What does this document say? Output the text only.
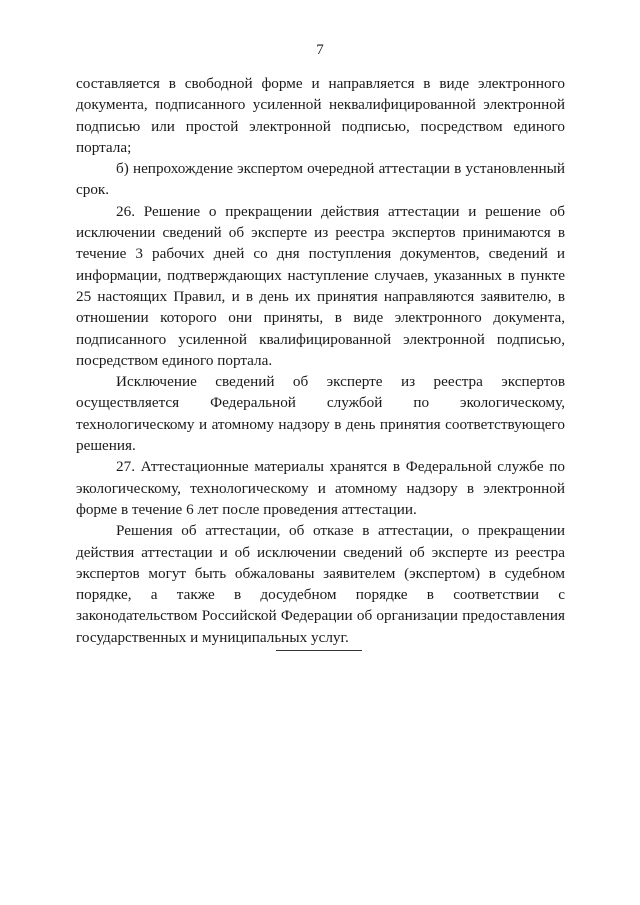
7

составляется в свободной форме и направляется в виде электронного документа, подписанного усиленной неквалифицированной электронной подписью или простой электронной подписью, посредством единого портала;

б) непрохождение экспертом очередной аттестации в установленный срок.

26. Решение о прекращении действия аттестации и решение об исключении сведений об эксперте из реестра экспертов принимаются в течение 3 рабочих дней со дня поступления документов, сведений и информации, подтверждающих наступление случаев, указанных в пункте 25 настоящих Правил, и в день их принятия направляются заявителю, в отношении которого они приняты, в виде электронного документа, подписанного усиленной квалифицированной электронной подписью, посредством единого портала.

Исключение сведений об эксперте из реестра экспертов осуществляется Федеральной службой по экологическому, технологическому и атомному надзору в день принятия соответствующего решения.

27. Аттестационные материалы хранятся в Федеральной службе по экологическому, технологическому и атомному надзору в электронной форме в течение 6 лет после проведения аттестации.

Решения об аттестации, об отказе в аттестации, о прекращении действия аттестации и об исключении сведений об эксперте из реестра экспертов могут быть обжалованы заявителем (экспертом) в судебном порядке, а также в досудебном порядке в соответствии с законодательством Российской Федерации об организации предоставления государственных и муниципальных услуг.
